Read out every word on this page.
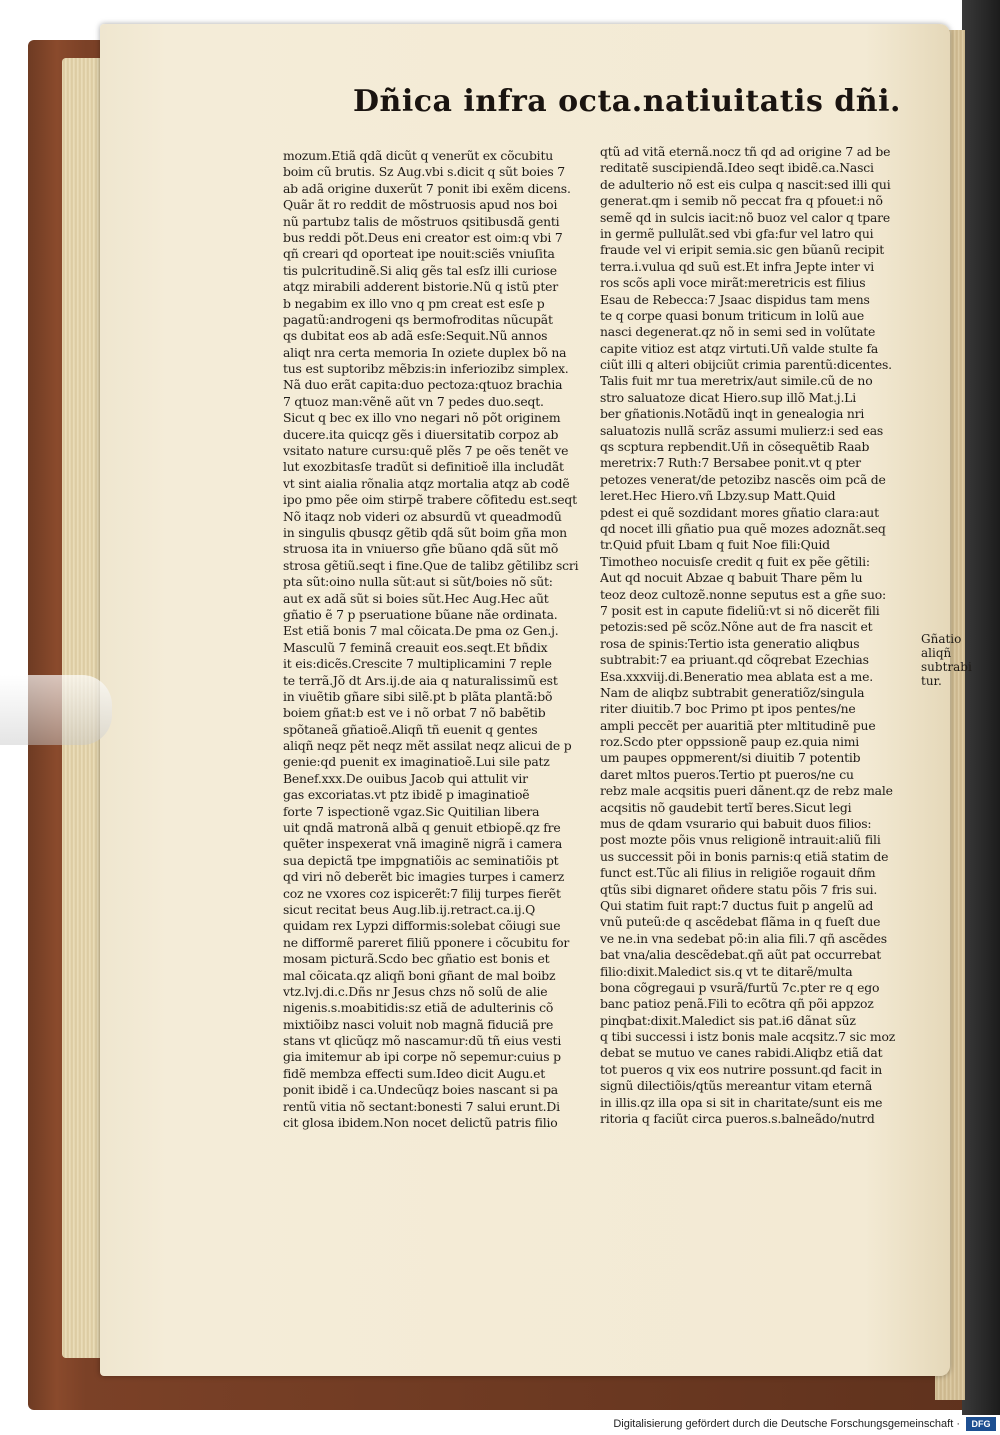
Dñica infra octa.natiuitatis dñi.
mozum.Etiã qdã dicũt q venerũt ex cõcubitu
boim cũ brutis. Sz Aug.vbi s.dicit q sũt boies 7
ab adã origine duxerũt 7 ponit ibi exẽm dicens.
Quãr ãt ro reddit de mõstruosis apud nos boi
nũ partubz talis de mõstruos qsitibusdã genti
bus reddi põt.Deus eni creator est oim:q vbi 7
qñ creari qd oporteat ipe nouit:sciẽs vniuſita
tis pulcritudinẽ.Si aliq gẽs tal esſz illi curiose
atqz mirabili adderent bistorie.Nũ q istũ pter
b negabim ex illo vno q pm creat est esſe p
pagatũ:androgeni qs bermofroditas nũcupãt
qs dubitat eos ab adã esſe:Sequit.Nũ annos
aliqt nra certa memoria In oziete duplex bõ na
tus est suptoribz mẽbzis:in inferiozibz simplex.
Nã duo erãt capita:duo pectoza:qtuoz brachia
7 qtuoz man:vẽnẽ aũt vn 7 pedes duo.seqt.
Sicut q bec ex illo vno negari nõ põt originem
ducere.ita quicqz gẽs i diuersitatib corpoz ab
vsitato nature cursu:quẽ plẽs 7 pe oẽs tenẽt ve
lut exozbitasſe tradũt si definitioẽ illa includãt
vt sint aialia rõnalia atqz mortalia atqz ab codẽ
ipo pmo pẽe oim stirpẽ trabere cõfitedu est.seqt
Nõ itaqz nob videri oz absurdũ vt queadmodũ
in singulis qbusqz gẽtib qdã sũt boim gña mon
struosa ita in vniuerso gñe bũano qdã sũt mõ
strosa gẽtiũ.seqt i fine.Que de talibz gẽtilibz scri
pta sũt:oino nulla sũt:aut si sũt/boies nõ sũt:
aut ex adã sũt si boies sũt.Hec Aug.Hec aũt
gñatio ẽ 7 p pseruatione bũane nãe ordinata.
Est etiã bonis 7 mal cõicata.De pma oz Gen.j.
Masculũ 7 feminã creauit eos.seqt.Et bñdix
it eis:dicẽs.Crescite 7 multiplicamini 7 reple
te terrã.Jõ dt Ars.ij.de aia q naturalissimũ est
in viuẽtib gñare sibi silẽ.pt b plãta plantã:bõ
boiem gñat:b est ve i nõ orbat 7 nõ babẽtib
spõtaneã gñatioẽ.Aliqñ tñ euenit q gentes
aliqñ neqz pẽt neqz mẽt assilat neqz alicui de p
genie:qd puenit ex imaginatioẽ.Lui sile patz
Benef.xxx.De ouibus Jacob qui attulit vir
gas excoriatas.vt ptz ibidẽ p imaginatioẽ
forte 7 ispectionẽ vgaz.Sic Quitilian libera
uit qndã matronã albã q genuit etbiopẽ.qz fre
quẽter inspexerat vnã imaginẽ nigrã i camera
sua depictã tpe impgnatiõis ac seminatiõis pt
qd viri nõ deberẽt bic imagies turpes i camerz
coz ne vxores coz ispicerẽt:7 filij turpes fierẽt
sicut recitat beus Aug.lib.ij.retract.ca.ij.Q
quidam rex Lypzi difformis:solebat cõiugi sue
ne difformẽ pareret filiũ pponere i cõcubitu for
mosam picturã.Scdo bec gñatio est bonis et
mal cõicata.qz aliqñ boni gñant de mal boibz
vtz.lvj.di.c.Dñs nr Jesus chzs nõ solũ de alie
nigenis.s.moabitidis:sz etiã de adulterinis cõ
mixtiõibz nasci voluit nob magnã fiduciã pre
stans vt qlicũqz mõ nascamur:dũ tñ eius vesti
gia imitemur ab ipi corpe nõ sepemur:cuius p
fidẽ membza effecti sum.Ideo dicit Augu.et
ponit ibidẽ i ca.Undecũqz boies nascant si pa
rentũ vitia nõ sectant:bonesti 7 salui erunt.Di
cit glosa ibidem.Non nocet delictũ patris filio
qtũ ad vitã eternã.nocz tñ qd ad origine 7 ad be
reditatẽ suscipiendã.Ideo seqt ibidẽ.ca.Nasci
de adulterio nõ est eis culpa q nascit:sed illi qui
generat.qm i semib nõ peccat fra q pfouet:i nõ
semẽ qd in sulcis iacit:nõ buoz vel calor q tpare
in germẽ pullulãt.sed vbi gfa:fur vel latro qui
fraude vel vi eripit semia.sic gen bũanũ recipit
terra.i.vulua qd suũ est.Et infra Jepte inter vi
ros scõs apli voce mirãt:meretricis est filius
Esau de Rebecca:7 Jsaac dispidus tam mens
te q corpe quasi bonum triticum in lolũ aue
nasci degenerat.qz nõ in semi sed in volũtate
capite vitioz est atqz virtuti.Uñ valde stulte fa
ciũt illi q alteri obijciũt crimia parentũ:dicentes.
Talis fuit mr tua meretrix/aut simile.cũ de no
stro saluatoze dicat Hiero.sup illõ Mat.j.Li
ber gñationis.Notãdũ inqt in genealogia nri
saluatozis nullã scrãz assumi mulierz:i sed eas
qs scptura repbendit.Uñ in cõsequẽtib Raab
meretrix:7 Ruth:7 Bersabee ponit.vt q pter
petozes venerat/de petozibz nascẽs oim pcã de
leret.Hec Hiero.vñ Lbzy.sup Matt.Quid
pdest ei quẽ sozdidant mores gñatio clara:aut
qd nocet illi gñatio pua quẽ mozes adoznãt.seq
tr.Quid pfuit Lbam q fuit Noe fili:Quid
Timotheo nocuisſe credit q fuit ex pẽe gẽtili:
Aut qd nocuit Abzae q babuit Thare pẽm lu
teoz deoz cultozẽ.nonne seputus est a gñe suo:
7 posit est in capute fideliũ:vt si nõ dicerẽt fili
petozis:sed pẽ scõz.Nõne aut de fra nascit et
rosa de spinis:Tertio ista generatio aliqbus
subtrabit:7 ea priuant.qd cõqrebat Ezechias
Esa.xxxviij.di.Beneratio mea ablata est a me.
Nam de aliqbz subtrabit generatiõz/singula
riter diuitib.7 boc Primo pt ipos pentes/ne
ampli peccẽt per auaritiã pter mltitudinẽ pue
roz.Scdo pter oppssionẽ paup ez.quia nimi
um paupes oppmerent/si diuitib 7 potentib
daret mltos pueros.Tertio pt pueros/ne cu
rebz male acqsitis pueri dãnent.qz de rebz male
acqsitis nõ gaudebit tertĩ beres.Sicut legi
mus de qdam vsurario qui babuit duos filios:
post mozte põis vnus religionẽ intrauit:aliũ fili
us successit põi in bonis parnis:q etiã statim de
funct est.Tũc ali filius in religiõe rogauit dñm
qtũs sibi dignaret oñdere statu põis 7 fris sui.
Qui statim fuit rapt:7 ductus fuit p angelũ ad
vnũ puteũ:de q ascẽdebat flãma in q fueſt due
ve ne.in vna sedebat põ:in alia fili.7 qñ ascẽdes
bat vna/alia descẽdebat.qñ aũt pat occurrebat
filio:dixit.Maledict sis.q vt te ditarẽ/multa
bona cõgregaui p vsurã/furtũ 7c.pter re q ego
banc patioz penã.Fili to ecõtra qñ põi appzoz
pinqbat:dixit.Maledict sis pat.i6 dãnat sũz
q tibi successi i istz bonis male acqsitz.7 sic moz
debat se mutuo ve canes rabidi.Aliqbz etiã dat
tot pueros q vix eos nutrire possunt.qd facit in
signũ dilectiõis/qtũs mereantur vitam eternã
in illis.qz illa opa si sit in charitate/sunt eis me
ritoria q faciũt circa pueros.s.balneãdo/nutrd
Gñatio
aliqñ
subtrabi
tur.
Digitalisierung gefördert durch die Deutsche Forschungsgemeinschaft ·	DFG
